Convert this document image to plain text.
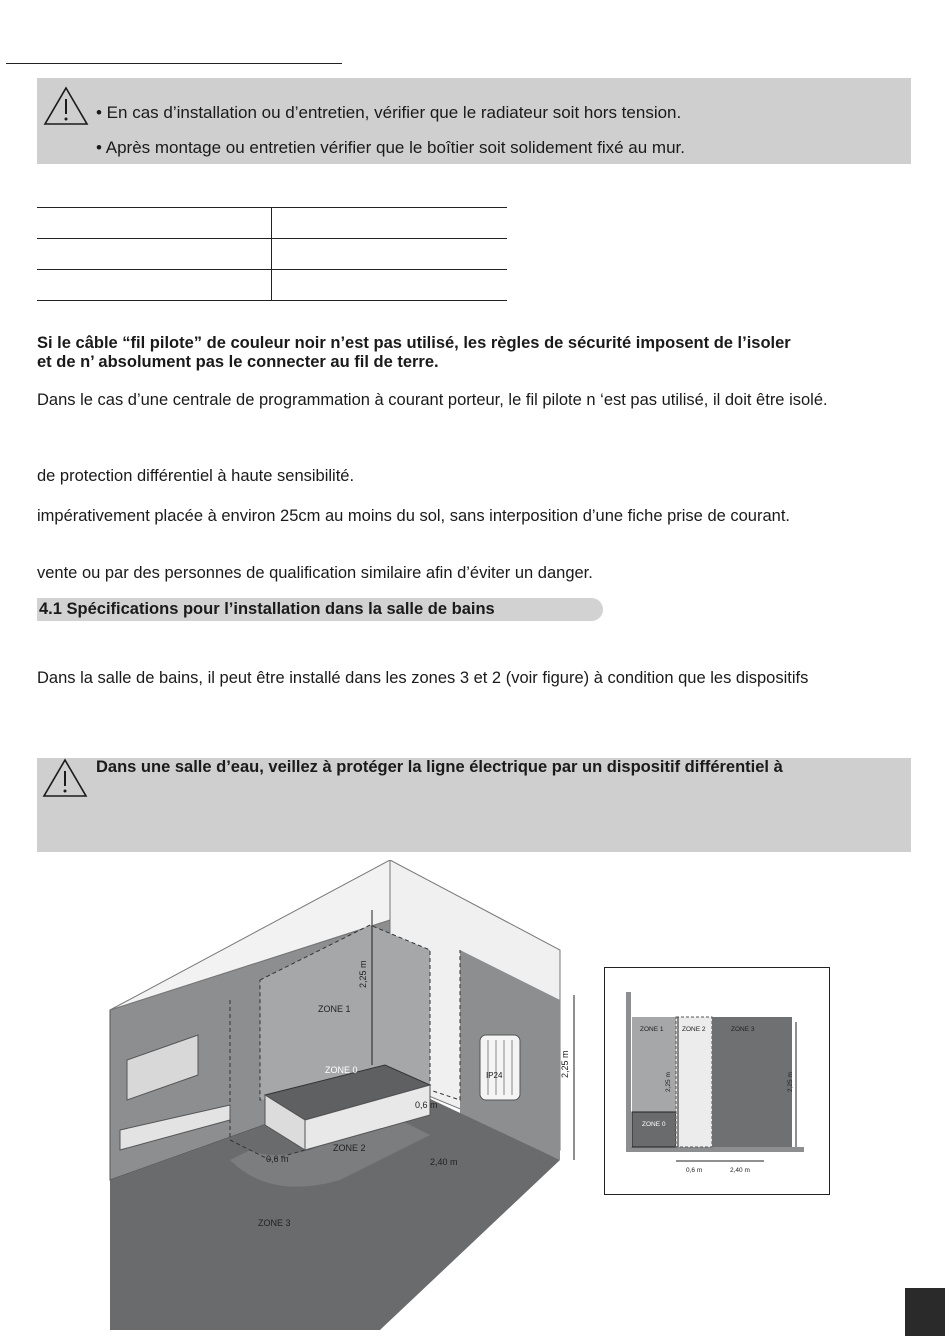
• En cas d’installation ou d’entretien, vérifier que le radiateur soit hors tension.
• Après montage ou entretien vérifier que le boîtier soit solidement fixé au mur.
Si le câble “fil pilote” de couleur noir n’est pas utilisé, les règles de sécurité imposent de l’isoler
et de n’ absolument pas le connecter au fil de terre.
Dans le cas d’une centrale de programmation à courant porteur, le fil pilote n ‘est pas utilisé, il doit être isolé.
de protection différentiel à haute sensibilité.
impérativement placée à environ 25cm au moins du sol, sans interposition d’une fiche prise de courant.
vente ou par des personnes de qualification similaire afin d’éviter un danger.
4.1 Spécifications pour l’installation dans la salle de bains
Dans la salle de bains, il peut être installé dans les zones 3 et 2 (voir figure) à condition que les dispositifs
Dans une salle d’eau, veillez à protéger la ligne électrique par un dispositif différentiel à
ZONE 0
ZONE 1
ZONE 2
ZONE 3
2,25 m
2,25 m
0,6 m
0,6 m	2,40 m
IP24
ZONE 1	ZONE 2	ZONE 3
ZONE 0
2,25 m	2,25 m
0,6 m	2,40 m
